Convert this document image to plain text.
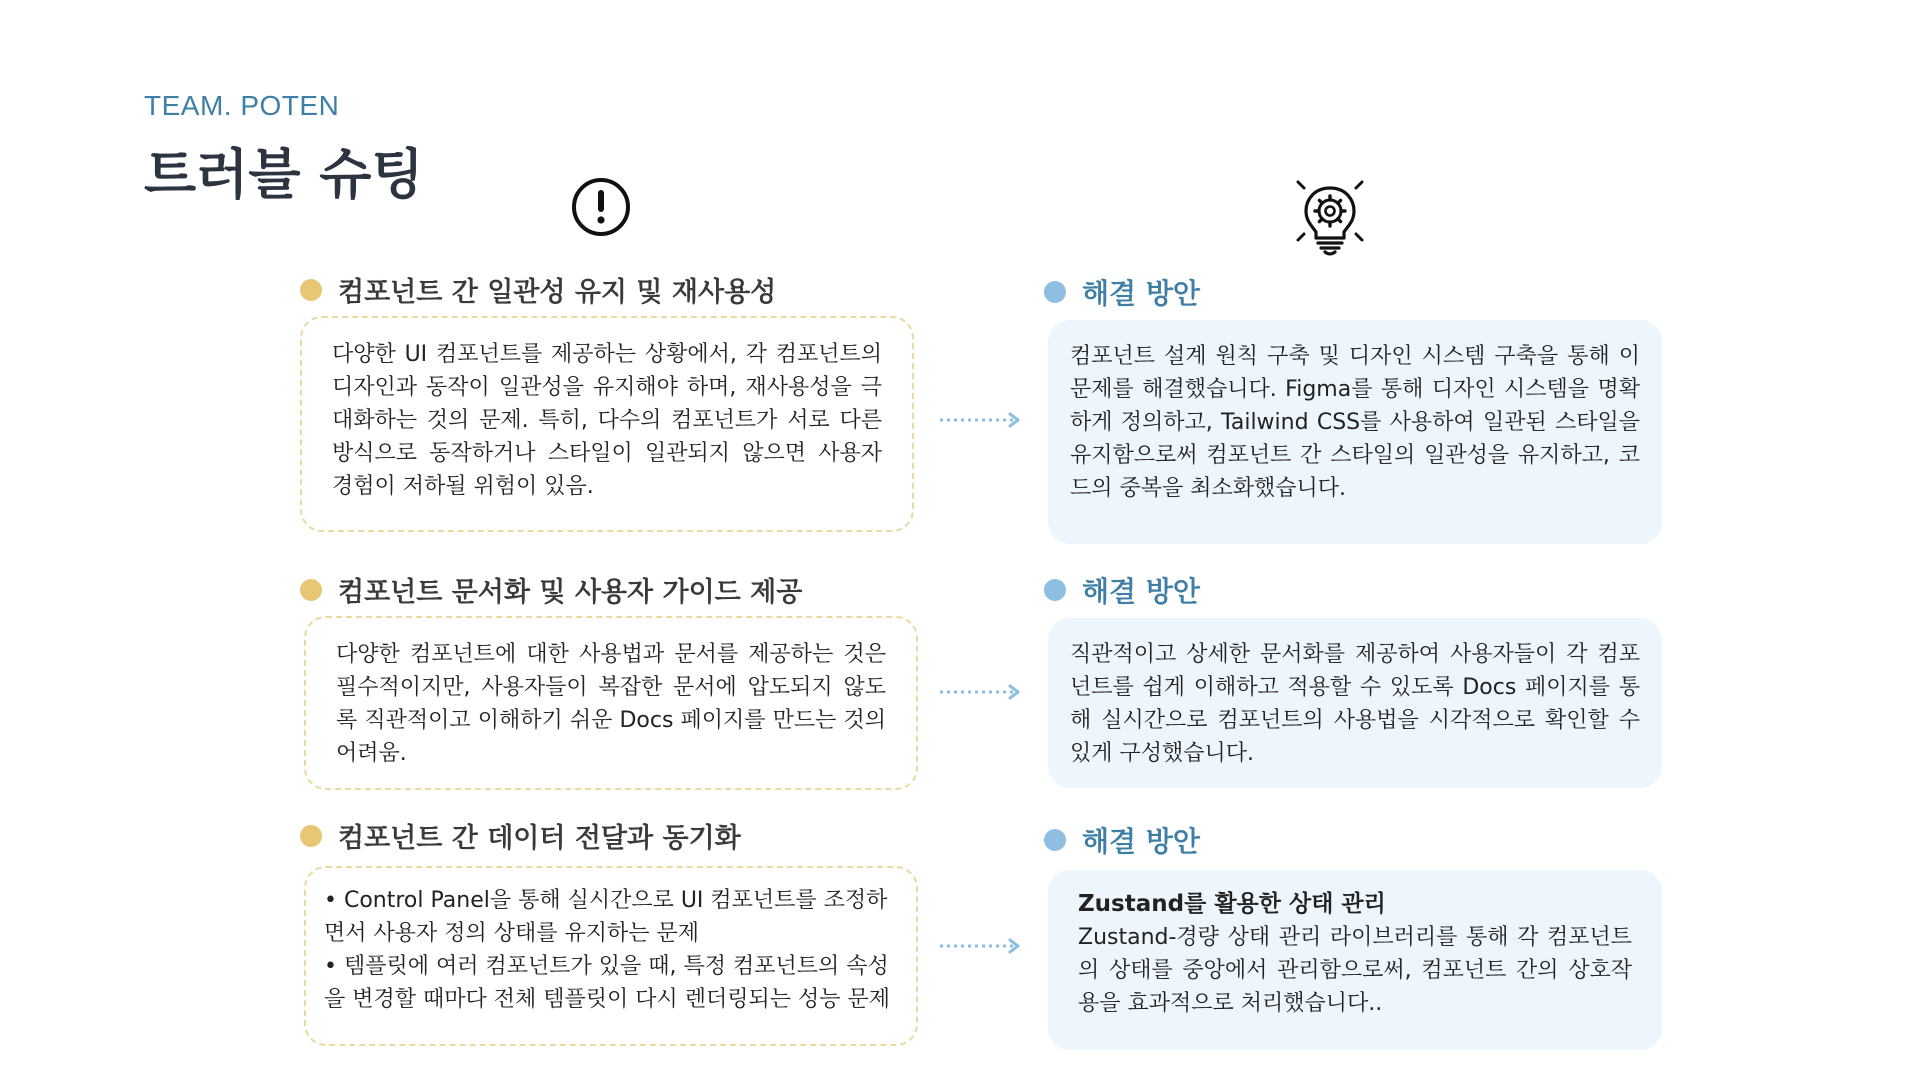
TEAM. POTEN
트러블 슈팅
컴포넌트 간 일관성 유지 및 재사용성
다양한 UI 컴포넌트를 제공하는 상황에서, 각 컴포넌트의 디자인과 동작이 일관성을 유지해야 하며, 재사용성을 극대화하는 것의 문제. 특히, 다수의 컴포넌트가 서로 다른 방식으로 동작하거나 스타일이 일관되지 않으면 사용자 경험이 저하될 위험이 있음.
해결 방안
컴포넌트 설계 원칙 구축 및 디자인 시스템 구축을 통해 이 문제를 해결했습니다. Figma를 통해 디자인 시스템을 명확하게 정의하고, Tailwind CSS를 사용하여 일관된 스타일을 유지함으로써 컴포넌트 간 스타일의 일관성을 유지하고, 코드의 중복을 최소화했습니다.
컴포넌트 문서화 및 사용자 가이드 제공
다양한 컴포넌트에 대한 사용법과 문서를 제공하는 것은 필수적이지만, 사용자들이 복잡한 문서에 압도되지 않도록 직관적이고 이해하기 쉬운 Docs 페이지를 만드는 것의 어려움.
해결 방안
직관적이고 상세한 문서화를 제공하여 사용자들이 각 컴포넌트를 쉽게 이해하고 적용할 수 있도록 Docs 페이지를 통해 실시간으로 컴포넌트의 사용법을 시각적으로 확인할 수 있게 구성했습니다.
컴포넌트 간 데이터 전달과 동기화
• Control Panel을 통해 실시간으로 UI 컴포넌트를 조정하면서 사용자 정의 상태를 유지하는 문제
• 템플릿에 여러 컴포넌트가 있을 때, 특정 컴포넌트의 속성을 변경할 때마다 전체 템플릿이 다시 렌더링되는 성능 문제
해결 방안
Zustand를 활용한 상태 관리
Zustand-경량 상태 관리 라이브러리를 통해 각 컴포넌트의 상태를 중앙에서 관리함으로써, 컴포넌트 간의 상호작용을 효과적으로 처리했습니다..
